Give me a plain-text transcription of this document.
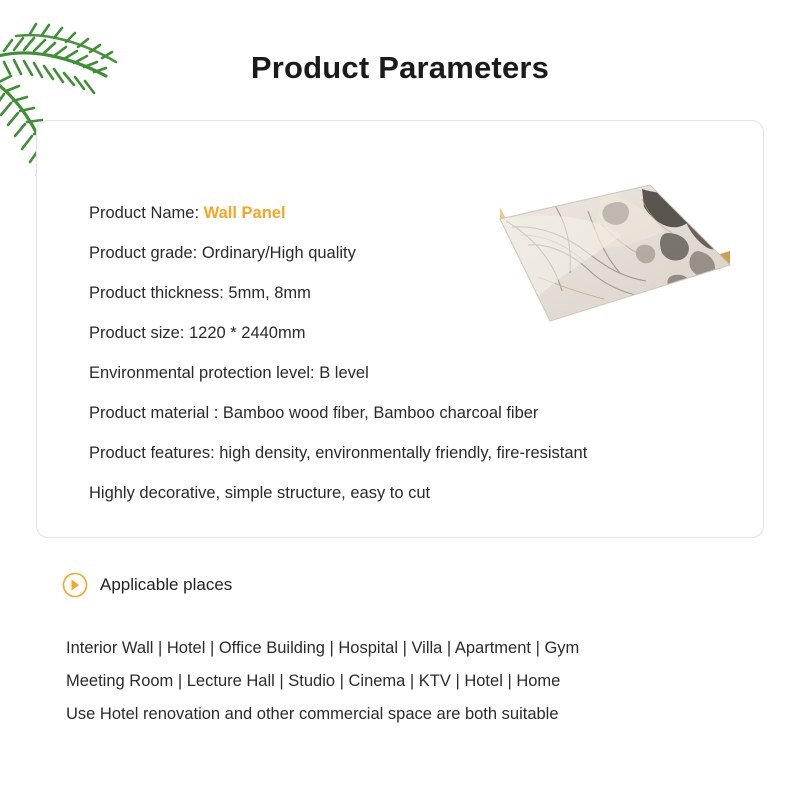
Product Parameters
Product Name: Wall Panel
Product grade: Ordinary/High quality
Product thickness: 5mm, 8mm
Product size: 1220 * 2440mm
Environmental protection level: B level
Product material : Bamboo wood fiber, Bamboo charcoal fiber
Product features: high density, environmentally friendly, fire-resistant
Highly decorative, simple structure, easy to cut
Applicable places
Interior Wall | Hotel | Office Building | Hospital | Villa | Apartment | Gym
Meeting Room | Lecture Hall | Studio | Cinema | KTV | Hotel | Home
Use Hotel renovation and other commercial space are both suitable
